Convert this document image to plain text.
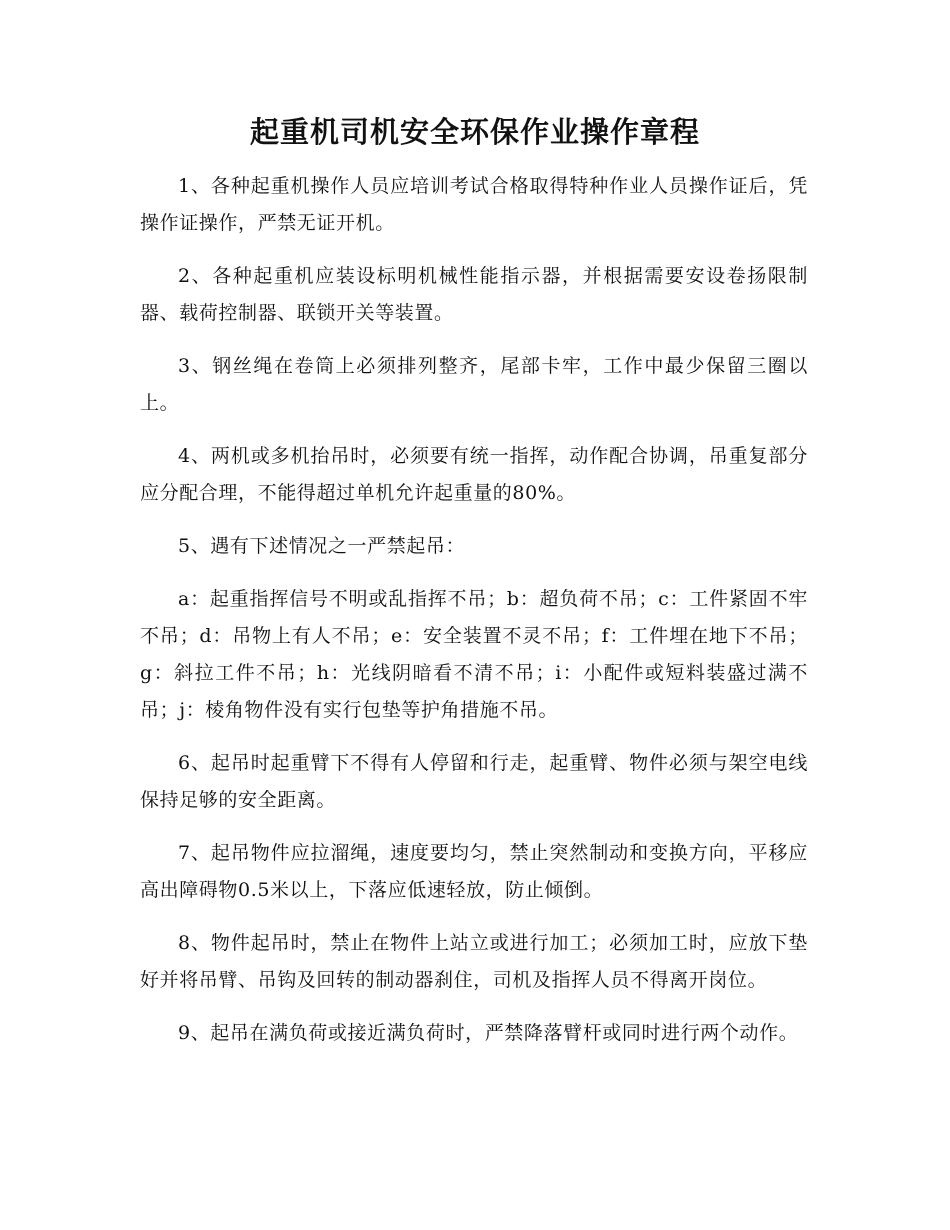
起重机司机安全环保作业操作章程

1、各种起重机操作人员应培训考试合格取得特种作业人员操作证后，凭操作证操作，严禁无证开机。

2、各种起重机应装设标明机械性能指示器，并根据需要安设卷扬限制器、载荷控制器、联锁开关等装置。

3、钢丝绳在卷筒上必须排列整齐，尾部卡牢，工作中最少保留三圈以上。

4、两机或多机抬吊时，必须要有统一指挥，动作配合协调，吊重复部分应分配合理，不能得超过单机允许起重量的80%。

5、遇有下述情况之一严禁起吊：

a：起重指挥信号不明或乱指挥不吊；b：超负荷不吊；c：工件紧固不牢不吊；d：吊物上有人不吊；e：安全装置不灵不吊；f：工件埋在地下不吊；g：斜拉工件不吊；h：光线阴暗看不清不吊；i：小配件或短料装盛过满不吊；j：棱角物件没有实行包垫等护角措施不吊。

6、起吊时起重臂下不得有人停留和行走，起重臂、物件必须与架空电线保持足够的安全距离。

7、起吊物件应拉溜绳，速度要均匀，禁止突然制动和变换方向，平移应高出障碍物0.5米以上，下落应低速轻放，防止倾倒。

8、物件起吊时，禁止在物件上站立或进行加工；必须加工时，应放下垫好并将吊臂、吊钩及回转的制动器刹住，司机及指挥人员不得离开岗位。

9、起吊在满负荷或接近满负荷时，严禁降落臂杆或同时进行两个动作。
